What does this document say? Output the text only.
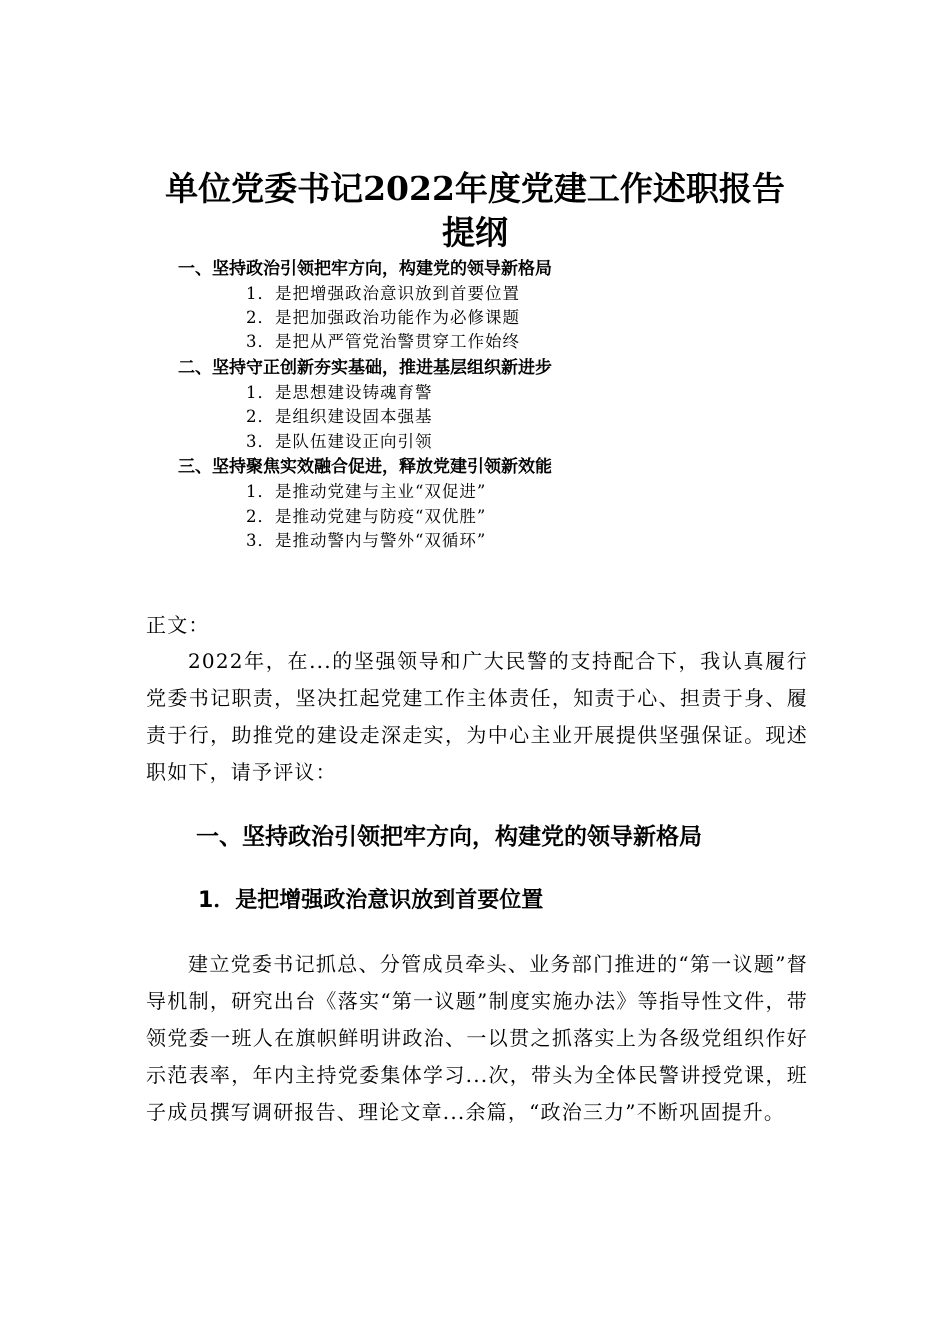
单位党委书记2022年度党建工作述职报告
提纲
一、坚持政治引领把牢方向，构建党的领导新格局
1．是把增强政治意识放到首要位置
2．是把加强政治功能作为必修课题
3．是把从严管党治警贯穿工作始终
二、坚持守正创新夯实基础，推进基层组织新进步
1．是思想建设铸魂育警
2．是组织建设固本强基
3．是队伍建设正向引领
三、坚持聚焦实效融合促进，释放党建引领新效能
1．是推动党建与主业“双促进”
2．是推动党建与防疫“双优胜”
3．是推动警内与警外“双循环”

正文：

2022年，在...的坚强领导和广大民警的支持配合下，我认真履行党委书记职责，坚决扛起党建工作主体责任，知责于心、担责于身、履责于行，助推党的建设走深走实，为中心主业开展提供坚强保证。现述职如下，请予评议：

一、坚持政治引领把牢方向，构建党的领导新格局
1．是把增强政治意识放到首要位置

建立党委书记抓总、分管成员牵头、业务部门推进的“第一议题”督导机制，研究出台《落实“第一议题”制度实施办法》等指导性文件，带领党委一班人在旗帜鲜明讲政治、一以贯之抓落实上为各级党组织作好示范表率，年内主持党委集体学习...次，带头为全体民警讲授党课，班子成员撰写调研报告、理论文章...余篇，“政治三力”不断巩固提升。
